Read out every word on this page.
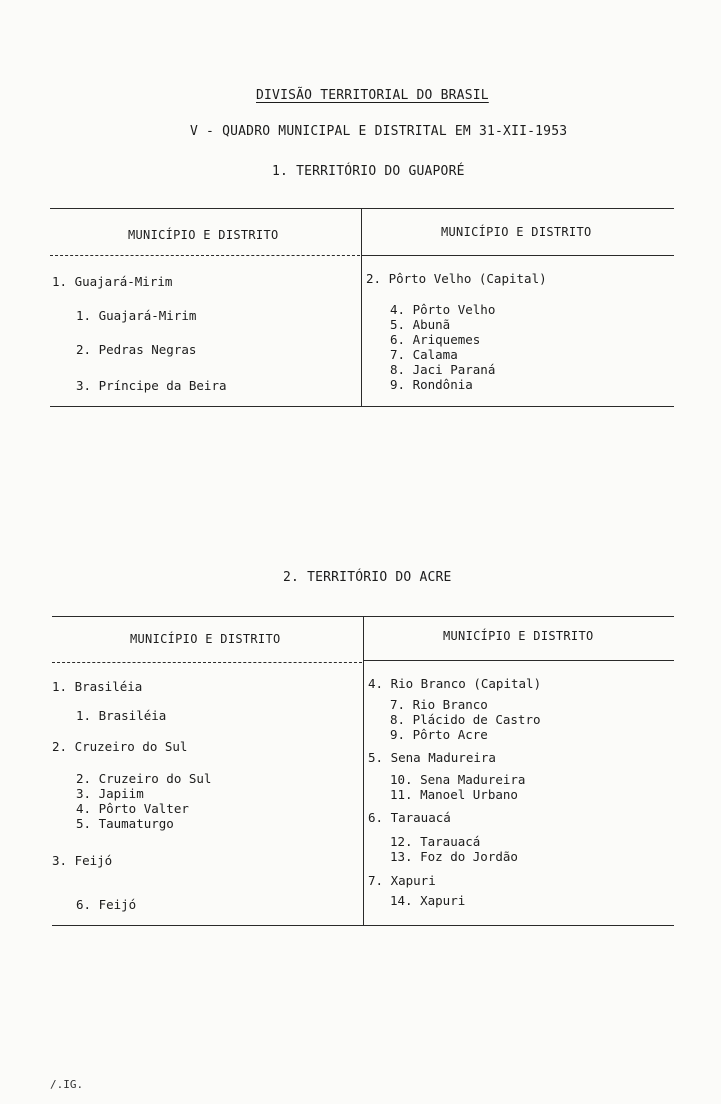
DIVISÃO TERRITORIAL DO BRASIL
V - QUADRO MUNICIPAL E DISTRITAL EM 31-XII-1953
1. TERRITÓRIO DO GUAPORÉ
MUNICÍPIO E DISTRITO	MUNICÍPIO E DISTRITO
1. Guajará-Mirim
1. Guajará-Mirim
2. Pedras Negras
3. Príncipe da Beira
2. Pôrto Velho (Capital)
4. Pôrto Velho
5. Abunã
6. Ariquemes
7. Calama
8. Jaci Paraná
9. Rondônia
2. TERRITÓRIO DO ACRE
MUNICÍPIO E DISTRITO	MUNICÍPIO E DISTRITO
1. Brasiléia
1. Brasiléia
2. Cruzeiro do Sul
2. Cruzeiro do Sul
3. Japiim
4. Pôrto Valter
5. Taumaturgo
3. Feijó
6. Feijó
4. Rio Branco (Capital)
7. Rio Branco
8. Plácido de Castro
9. Pôrto Acre
5. Sena Madureira
10. Sena Madureira
11. Manoel Urbano
6. Tarauacá
12. Tarauacá
13. Foz do Jordão
7. Xapuri
14. Xapuri
/.IG.
